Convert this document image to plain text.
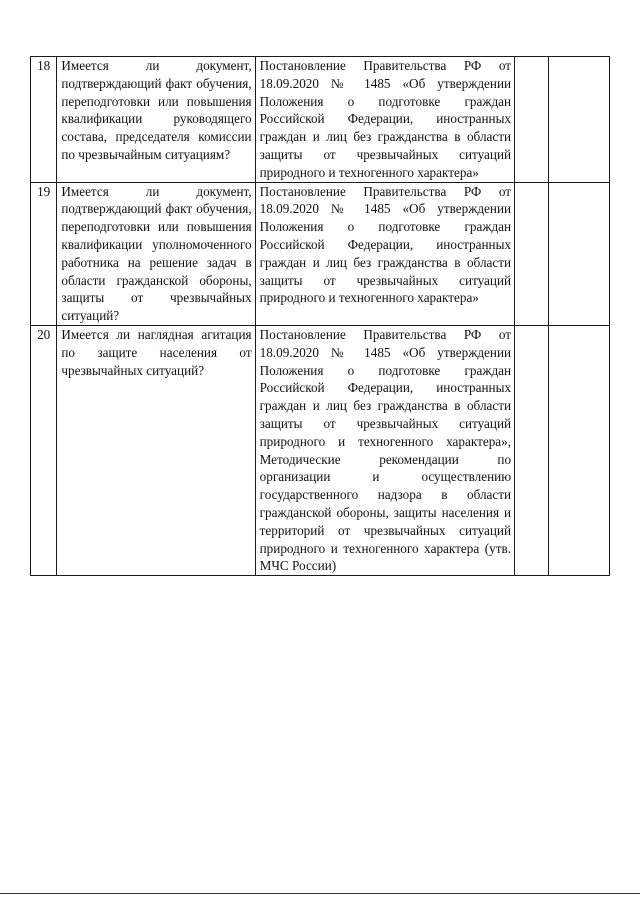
18	Имеется ли документ, подтверждающий факт обучения, переподготовки или повышения квалификации руководящего состава, председателя комиссии по чрезвычайным ситуациям?	Постановление Правительства РФ от 18.09.2020 № 1485 «Об утверждении Положения о подготовке граждан Российской Федерации, иностранных граждан и лиц без гражданства в области защиты от чрезвычайных ситуаций природного и техногенного характера»		
19	Имеется ли документ, подтверждающий факт обучения, переподготовки или повышения квалификации уполномоченного работника на решение задач в области гражданской обороны, защиты от чрезвычайных ситуаций?	Постановление Правительства РФ от 18.09.2020 № 1485 «Об утверждении Положения о подготовке граждан Российской Федерации, иностранных граждан и лиц без гражданства в области защиты от чрезвычайных ситуаций природного и техногенного характера»		
20	Имеется ли наглядная агитация по защите населения от чрезвычайных ситуаций?	Постановление Правительства РФ от 18.09.2020 № 1485 «Об утверждении Положения о подготовке граждан Российской Федерации, иностранных граждан и лиц без гражданства в области защиты от чрезвычайных ситуаций природного и техногенного характера», Методические рекомендации по организации и осуществлению государственного надзора в области гражданской обороны, защиты населения и территорий от чрезвычайных ситуаций природного и техногенного характера (утв. МЧС России)		
